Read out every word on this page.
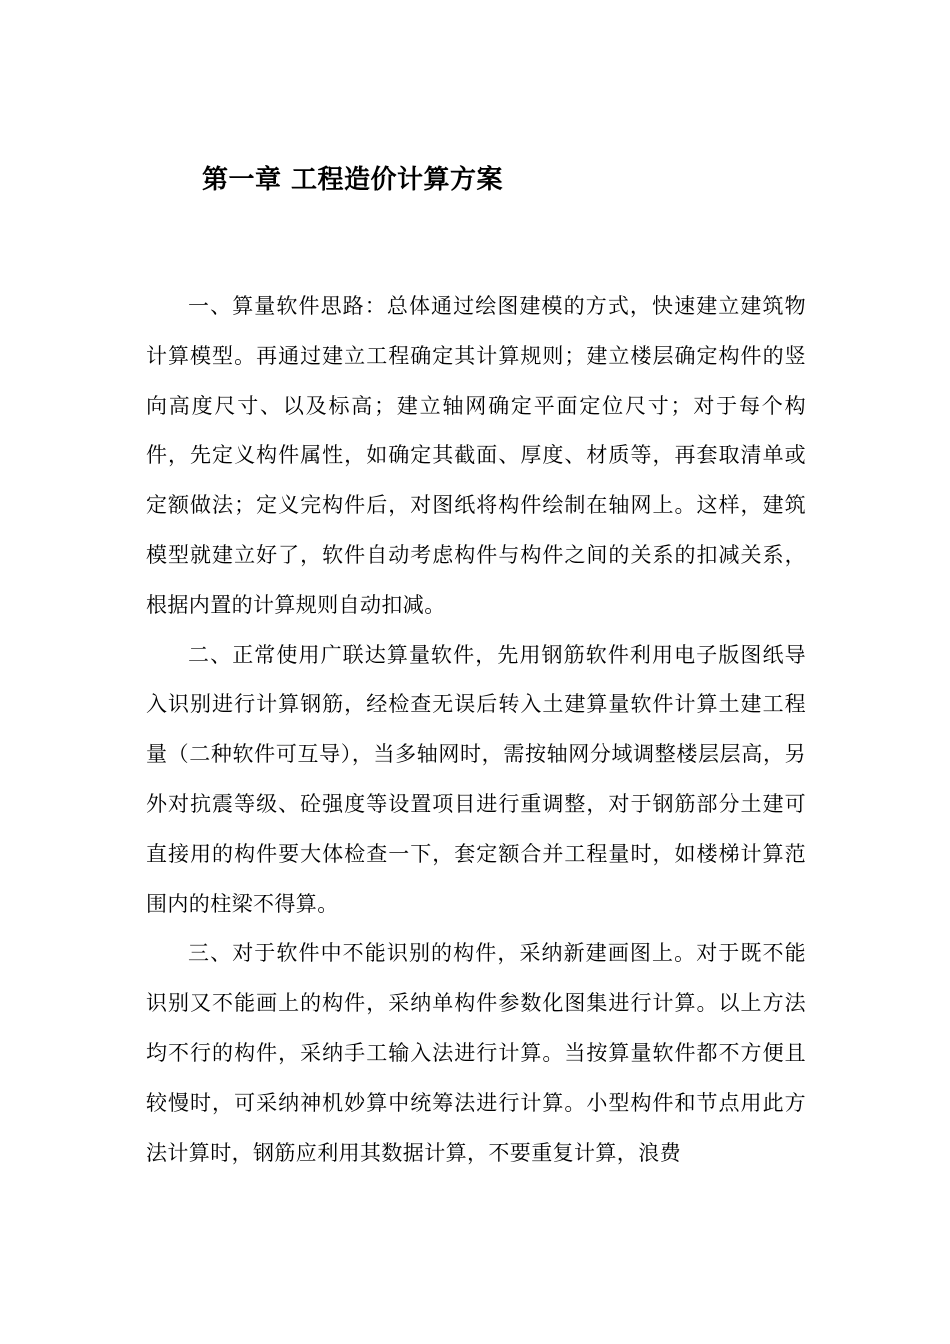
第一章 工程造价计算方案

一、算量软件思路：总体通过绘图建模的方式，快速建立建筑物计算模型。再通过建立工程确定其计算规则；建立楼层确定构件的竖向高度尺寸、以及标高；建立轴网确定平面定位尺寸；对于每个构件，先定义构件属性，如确定其截面、厚度、材质等，再套取清单或定额做法；定义完构件后，对图纸将构件绘制在轴网上。这样，建筑模型就建立好了，软件自动考虑构件与构件之间的关系的扣减关系，根据内置的计算规则自动扣减。

二、正常使用广联达算量软件，先用钢筋软件利用电子版图纸导入识别进行计算钢筋，经检查无误后转入土建算量软件计算土建工程量（二种软件可互导），当多轴网时，需按轴网分域调整楼层层高，另外对抗震等级、砼强度等设置项目进行重调整，对于钢筋部分土建可直接用的构件要大体检查一下，套定额合并工程量时，如楼梯计算范围内的柱梁不得算。

三、对于软件中不能识别的构件，采纳新建画图上。对于既不能识别又不能画上的构件，采纳单构件参数化图集进行计算。以上方法均不行的构件，采纳手工输入法进行计算。当按算量软件都不方便且较慢时，可采纳神机妙算中统筹法进行计算。小型构件和节点用此方法计算时，钢筋应利用其数据计算，不要重复计算，浪费
